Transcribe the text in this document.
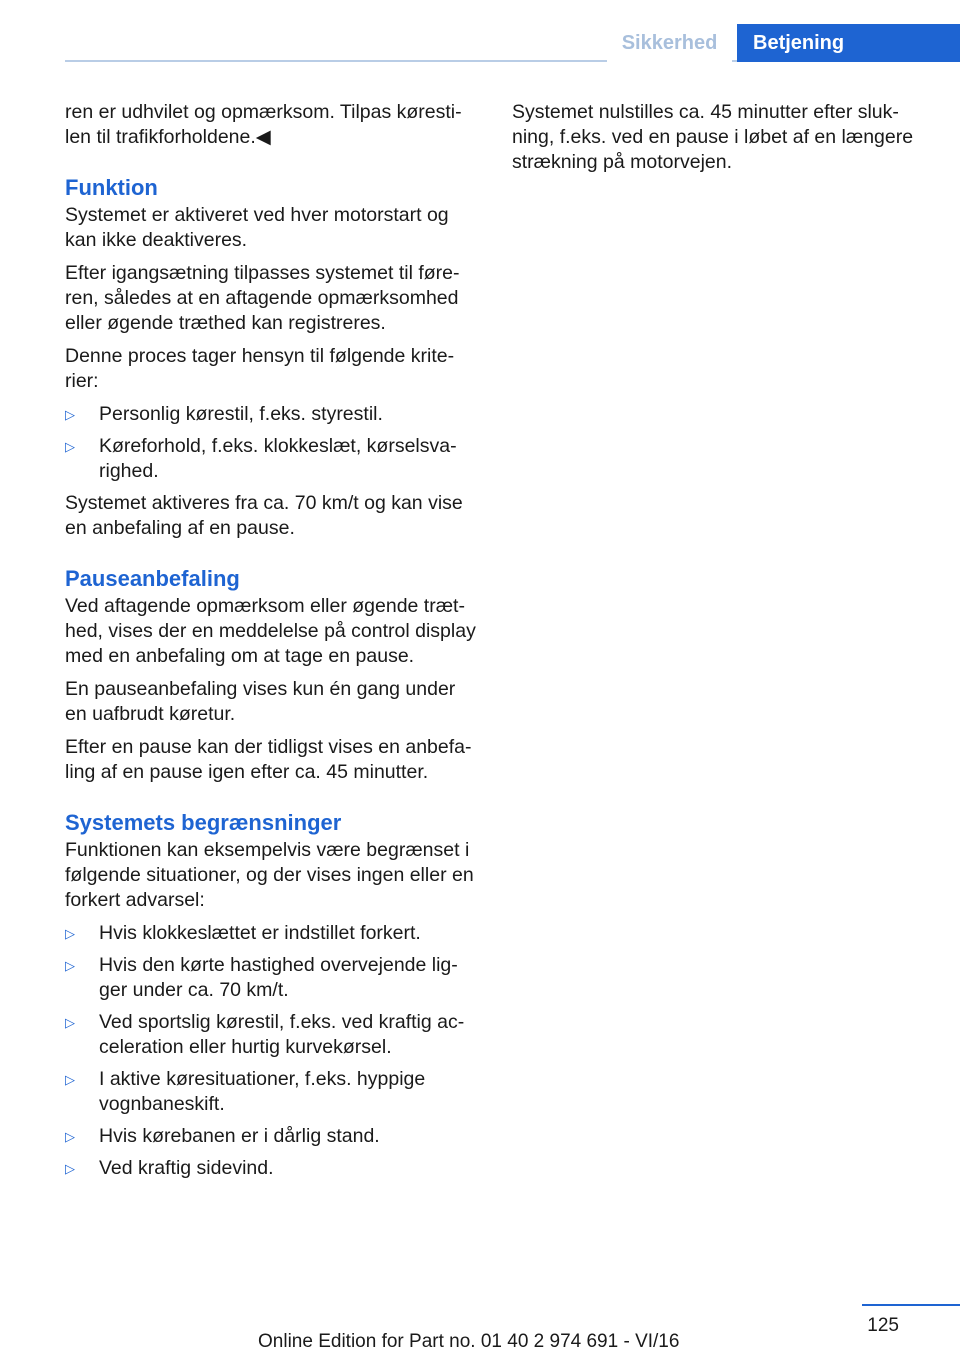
Sikkerhed	Betjening

ren er udhvilet og opmærksom. Tilpas kørestilen til trafikforholdene.◀

Funktion

Systemet er aktiveret ved hver motorstart og kan ikke deaktiveres.

Efter igangsætning tilpasses systemet til føreren, således at en aftagende opmærksomhed eller øgende træthed kan registreres.

Denne proces tager hensyn til følgende kriterier:

▷	Personlig kørestil, f.eks. styrestil.
▷	Køreforhold, f.eks. klokkeslæt, kørselsvarighed.

Systemet aktiveres fra ca. 70 km/t og kan vise en anbefaling af en pause.

Pauseanbefaling

Ved aftagende opmærksom eller øgende træthed, vises der en meddelelse på control display med en anbefaling om at tage en pause.

En pauseanbefaling vises kun én gang under en uafbrudt køretur.

Efter en pause kan der tidligst vises en anbefaling af en pause igen efter ca. 45 minutter.

Systemets begrænsninger

Funktionen kan eksempelvis være begrænset i følgende situationer, og der vises ingen eller en forkert advarsel:

▷	Hvis klokkeslættet er indstillet forkert.
▷	Hvis den kørte hastighed overvejende ligger under ca. 70 km/t.
▷	Ved sportslig kørestil, f.eks. ved kraftig acceleration eller hurtig kurvekørsel.
▷	I aktive køresituationer, f.eks. hyppige vognbaneskift.
▷	Hvis kørebanen er i dårlig stand.
▷	Ved kraftig sidevind.

Systemet nulstilles ca. 45 minutter efter slukning, f.eks. ved en pause i løbet af en længere strækning på motorvejen.

125
Online Edition for Part no. 01 40 2 974 691 - VI/16
